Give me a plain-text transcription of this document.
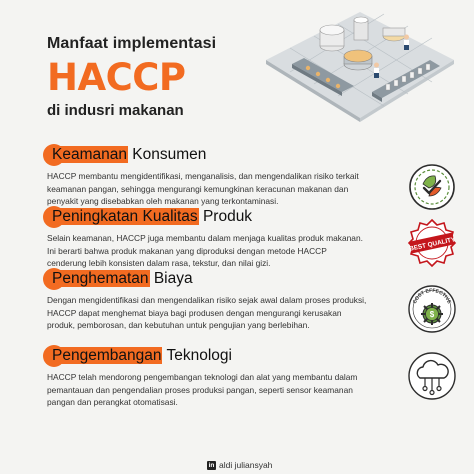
Manfaat implementasi
HACCP
di indusri makanan
Keamanan Konsumen
HACCP membantu mengidentifikasi, menganalisis, dan mengendalikan risiko terkait keamanan pangan, sehingga mengurangi kemungkinan keracunan makanan dan penyakit yang disebabkan oleh makanan yang terkontaminasi.
Peningkatan Kualitas Produk
Selain keamanan, HACCP juga membantu dalam menjaga kualitas produk makanan. Ini berarti bahwa produk makanan yang diproduksi dengan metode HACCP cenderung lebih konsisten dalam rasa, tekstur, dan nilai gizi.
BEST QUALITY
Penghematan Biaya
Dengan mengidentifikasi dan mengendalikan risiko sejak awal dalam proses produksi, HACCP dapat menghemat biaya bagi produsen dengan mengurangi kerusakan produk, pemborosan, dan kebutuhan untuk pengujian yang berlebihan.
COST EFFECTIVE
$
Pengembangan Teknologi
HACCP telah mendorong pengembangan teknologi dan alat yang membantu dalam pemantauan dan pengendalian proses produksi pangan, seperti sensor keamanan pangan dan perangkat otomatisasi.
in aldi juliansyah
